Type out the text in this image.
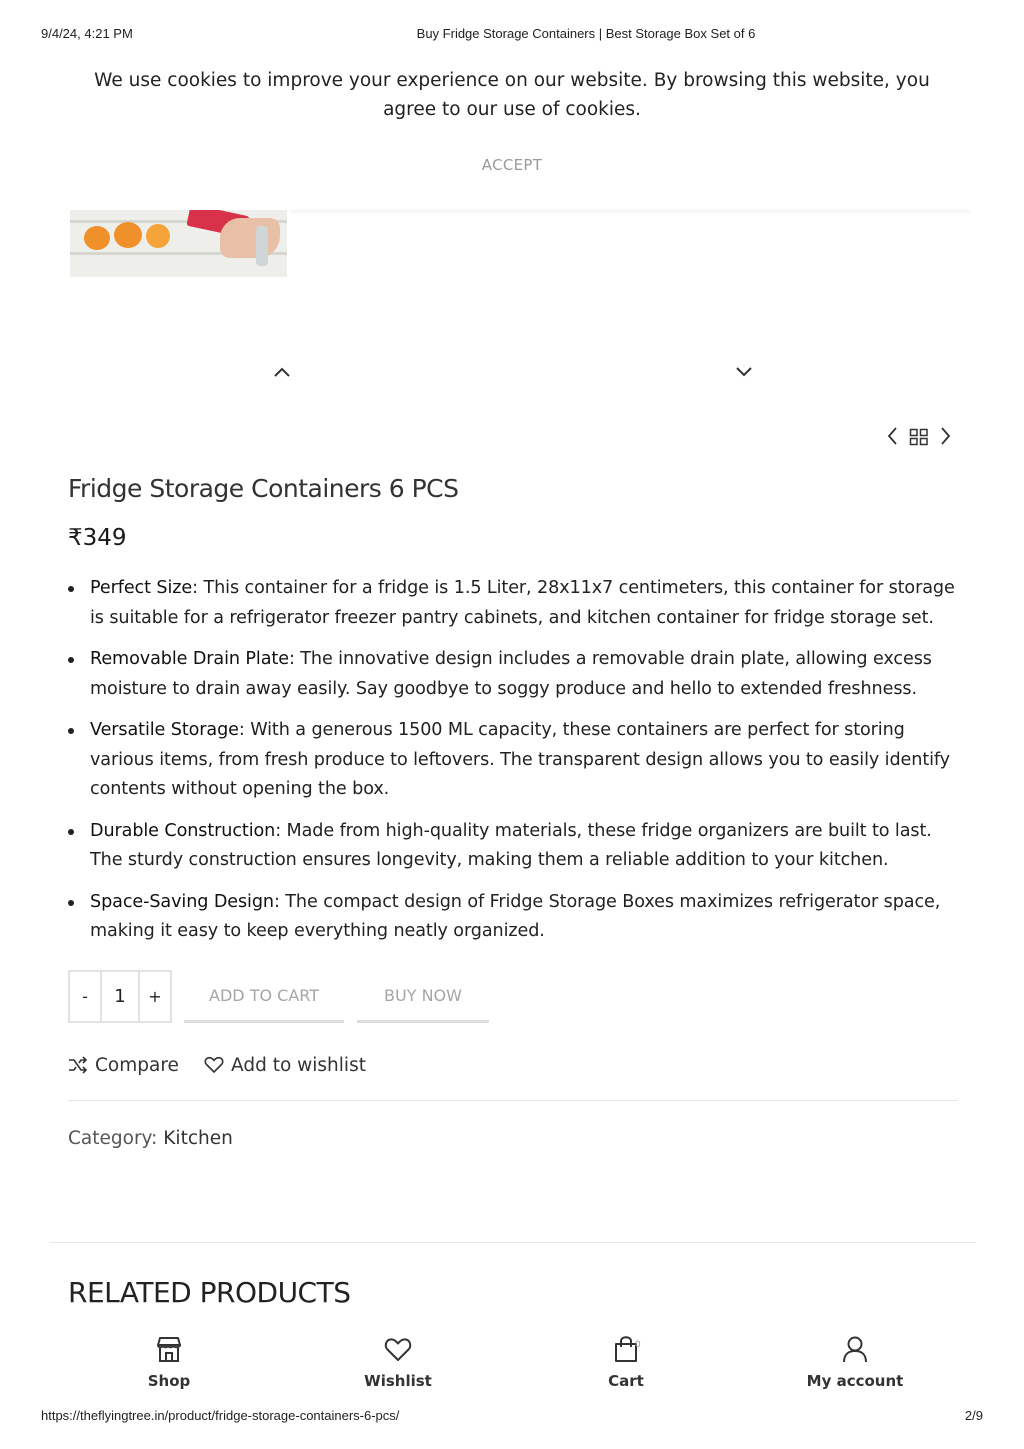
9/4/24, 4:21 PM	Buy Fridge Storage Containers | Best Storage Box Set of 6
We use cookies to improve your experience on our website. By browsing this website, you agree to our use of cookies.
ACCEPT
Fridge Storage Containers 6 PCS
₹349
Perfect Size: This container for a fridge is 1.5 Liter, 28x11x7 centimeters, this container for storage is suitable for a refrigerator freezer pantry cabinets, and kitchen container for fridge storage set.
Removable Drain Plate: The innovative design includes a removable drain plate, allowing excess moisture to drain away easily. Say goodbye to soggy produce and hello to extended freshness.
Versatile Storage: With a generous 1500 ML capacity, these containers are perfect for storing various items, from fresh produce to leftovers. The transparent design allows you to easily identify contents without opening the box.
Durable Construction: Made from high-quality materials, these fridge organizers are built to last. The sturdy construction ensures longevity, making them a reliable addition to your kitchen.
Space-Saving Design: The compact design of Fridge Storage Boxes maximizes refrigerator space, making it easy to keep everything neatly organized.
-	1	+	ADD TO CART	BUY NOW
Compare	Add to wishlist
Category: Kitchen
RELATED PRODUCTS
Shop	Wishlist
0
Cart	My account
https://theflyingtree.in/product/fridge-storage-containers-6-pcs/	2/9
